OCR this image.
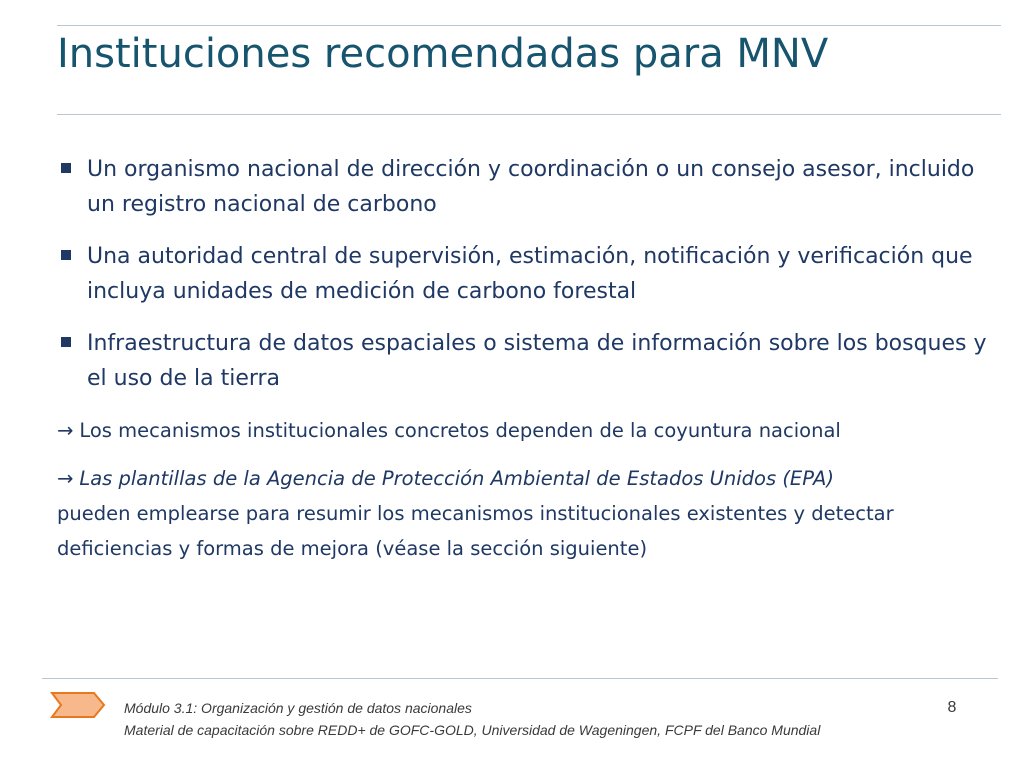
Instituciones recomendadas para MNV
Un organismo nacional de dirección y coordinación o un consejo asesor, incluido un registro nacional de carbono
Una autoridad central de supervisión, estimación, notificación y verificación que incluya unidades de medición de carbono forestal
Infraestructura de datos espaciales o sistema de información sobre los bosques y el uso de la tierra

→ Los mecanismos institucionales concretos dependen de la coyuntura nacional

→ Las plantillas de la Agencia de Protección Ambiental de Estados Unidos (EPA)
pueden emplearse para resumir los mecanismos institucionales existentes y detectar deficiencias y formas de mejora (véase la sección siguiente)

Módulo 3.1: Organización y gestión de datos nacionales
Material de capacitación sobre REDD+ de GOFC-GOLD, Universidad de Wageningen, FCPF del Banco Mundial
8
